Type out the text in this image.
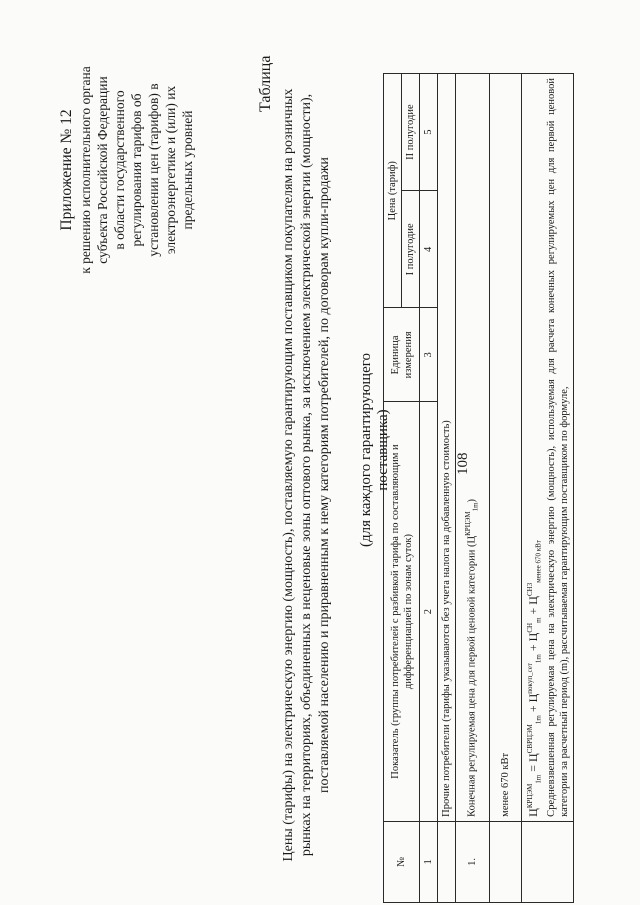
108
Приложение № 12 к решению исполнительного органа субъекта Российской Федерации в области государственного регулирования тарифов об установлении цен (тарифов) в электроэнергетике и (или) их предельных уровней
Таблица
Цены (тарифы) на электрическую энергию (мощность), поставляемую гарантирующим поставщиком покупателям на розничных рынках на территориях, объединенных в неценовые зоны оптового рынка, за исключением электрической энергии (мощности), поставляемой населению и приравненным к нему категориям потребителей, по договорам купли-продажи (для каждого гарантирующего поставщика)
№	Показатель (группы потребителей с разбивкой тарифа по составляющим и дифференциацией по зонам суток)	Единица измерения	Цена (тариф)	
			I полугодие	II полугодие
1	2	3	4	5
	Прочие потребители (тарифы указываются без учета налога на добавленную стоимость)			
1.	Конечная регулируемая цена для первой ценовой категории $(Ц^{КРЦЭМ}_{1m})$			
	менее 670 кВт			

	$Ц^{КРЦЭМ}_{1m} = Ц^{СВРЦЭМ}_{1m} + Ц^{покуп\_сет}_{1m} + Ц^{СН}_m + Ц^{СН3}_{менее 670 кВт}$ Средневзвешенная регулируемая цена на электрическую энергию (мощность), используемая для расчета конечных регулируемых цен для первой ценовой категории за расчетный период (m), рассчитываемая гарантирующим поставщиком по формуле,			
